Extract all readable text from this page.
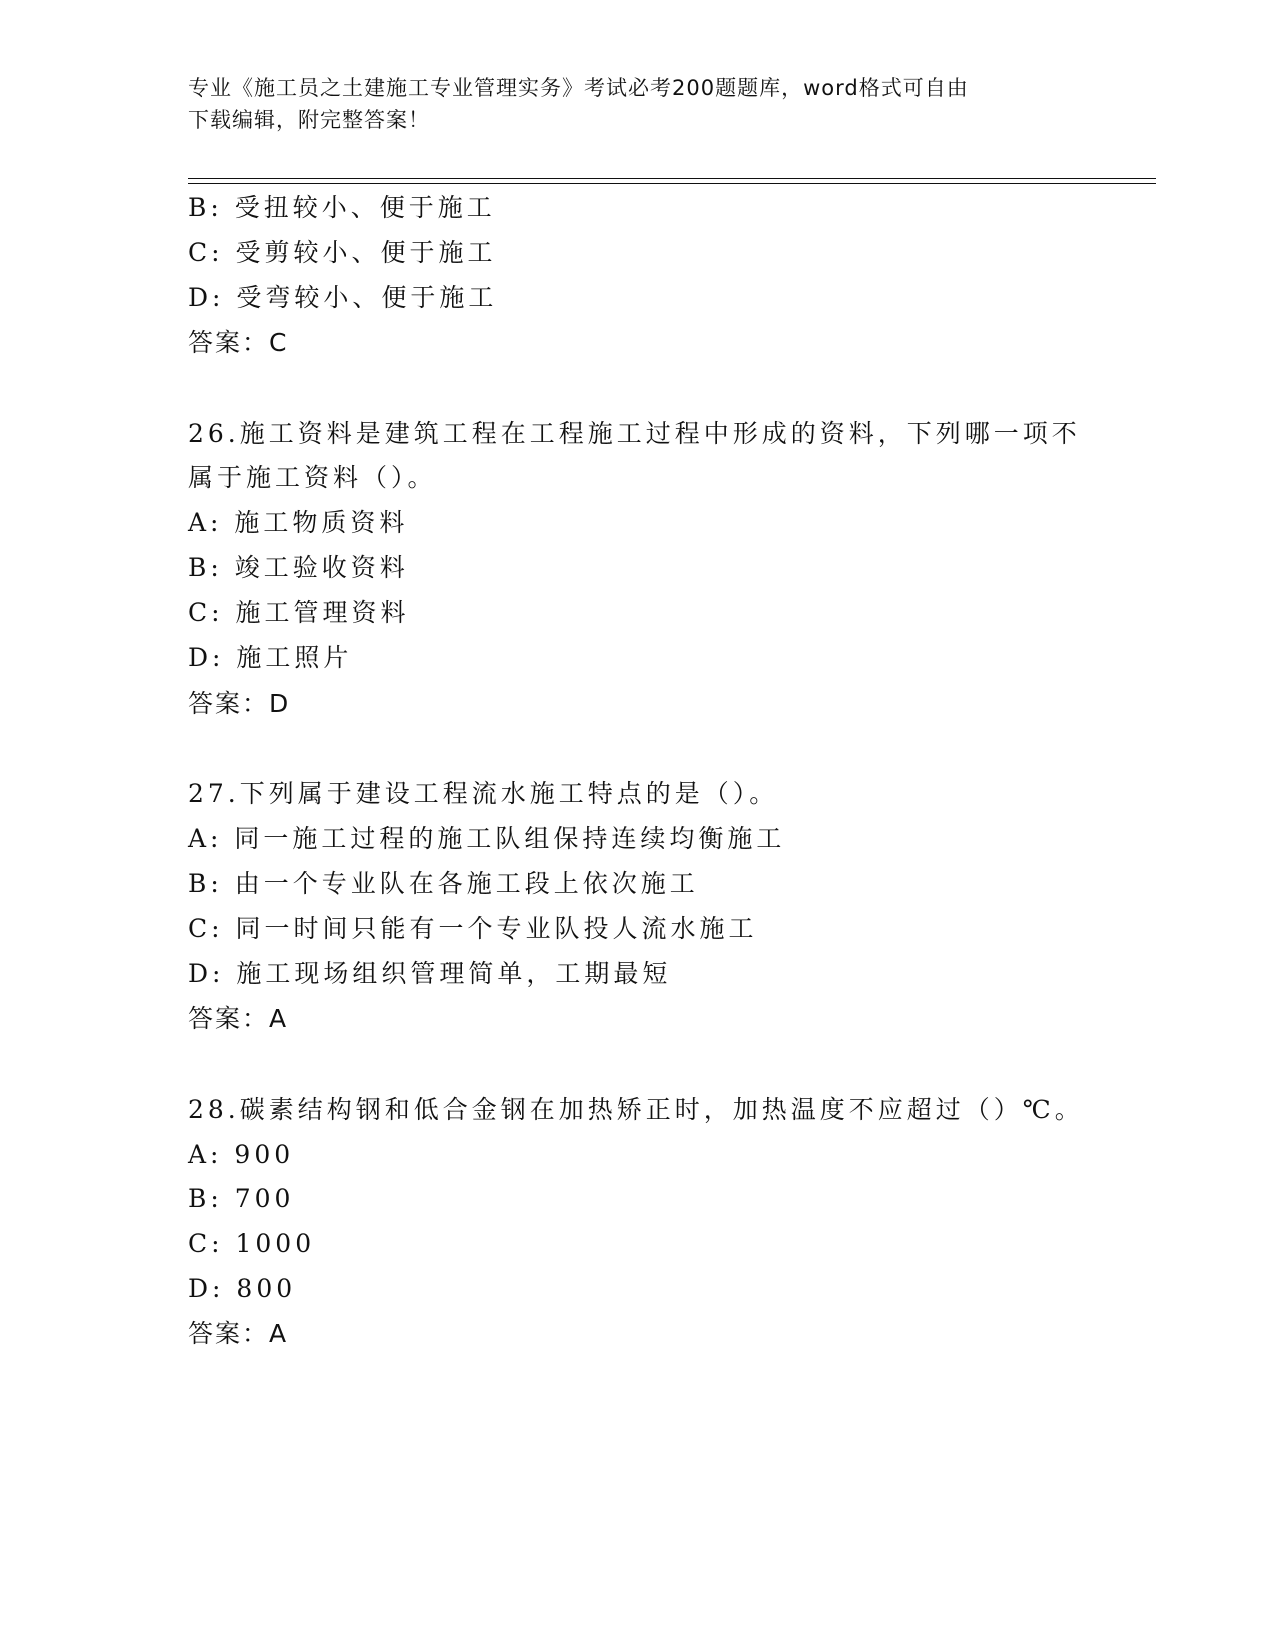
专业《施工员之土建施工专业管理实务》考试必考200题题库，word格式可自由
下载编辑，附完整答案！
B: 受扭较小、便于施工
C: 受剪较小、便于施工
D: 受弯较小、便于施工
答案：C
26.施工资料是建筑工程在工程施工过程中形成的资料，下列哪一项不
属于施工资料（）。
A: 施工物质资料
B: 竣工验收资料
C: 施工管理资料
D: 施工照片
答案：D
27.下列属于建设工程流水施工特点的是（）。
A: 同一施工过程的施工队组保持连续均衡施工
B: 由一个专业队在各施工段上依次施工
C: 同一时间只能有一个专业队投人流水施工
D: 施工现场组织管理简单，工期最短
答案：A
28.碳素结构钢和低合金钢在加热矫正时，加热温度不应超过（）℃。
A: 900
B: 700
C: 1000
D: 800
答案：A
